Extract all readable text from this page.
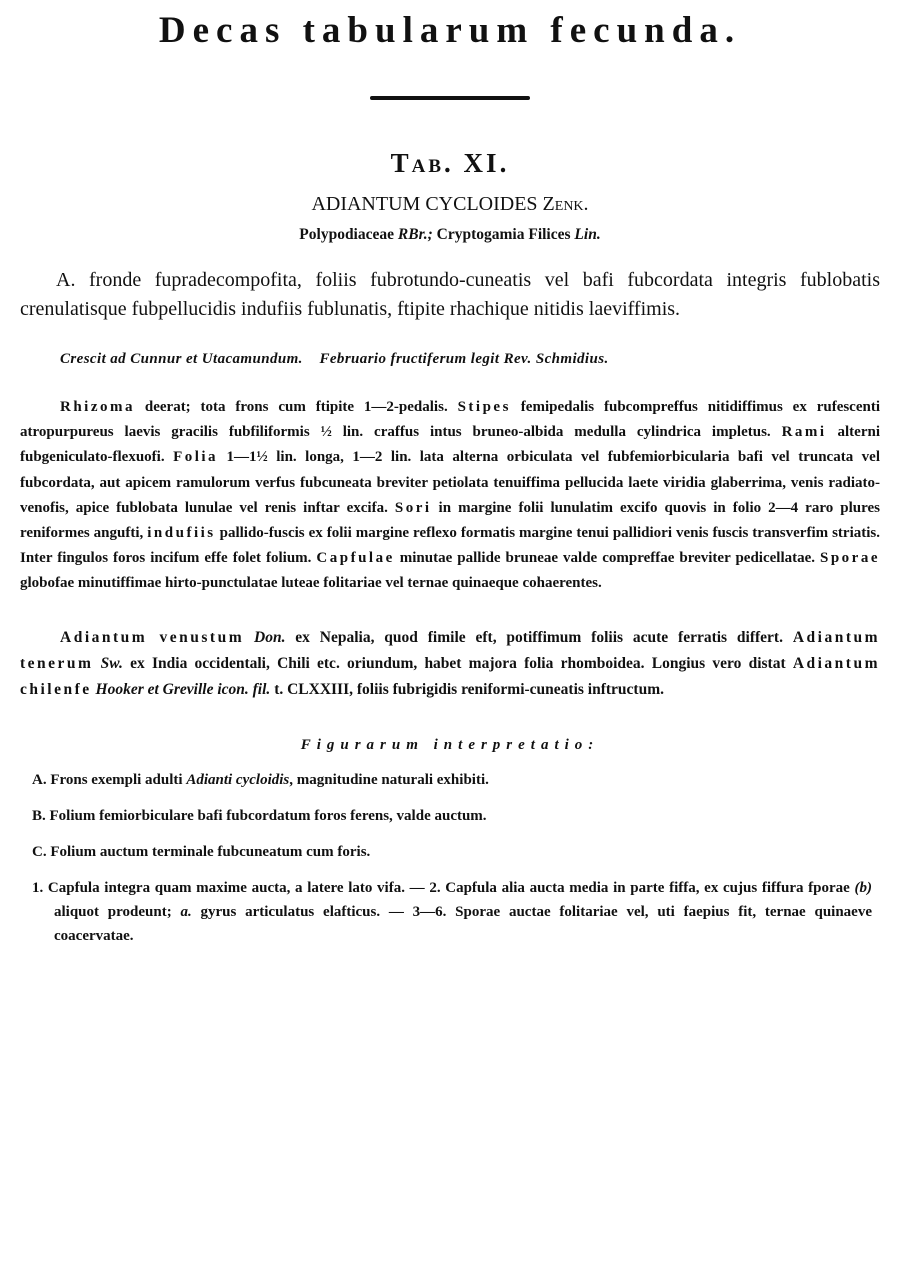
Decas tabularum fecunda.
Tab. XI.
ADIANTUM CYCLOIDES Zenk.
Polypodiaceae RBr.; Cryptogamia Filices Lin.

A. fronde fupradecompofita, foliis fubrotundo-cuneatis vel bafi fubcordata integris fublobatis crenulatisque fubpellucidis indufiis fublunatis, ftipite rhachique nitidis laeviffimis.

Crescit ad Cunnur et Utacamundum. Februario fructiferum legit Rev. Schmidius.

Rhizoma deerat; tota frons cum ftipite 1—2-pedalis. Stipes femipedalis fubcompreffus nitidiffimus ex rufescenti atropurpureus laevis gracilis fubfiliformis ½ lin. craffus intus bruneo-albida medulla cylindrica impletus. Rami alterni fubgeniculato-flexuofi. Folia 1—1½ lin. longa, 1—2 lin. lata alterna orbiculata vel fubfemiorbicularia bafi vel truncata vel fubcordata, aut apicem ramulorum verfus fubcuneata breviter petiolata tenuiffima pellucida laete viridia glaberrima, venis radiato-venofis, apice fublobata lunulae vel renis inftar excifa. Sori in margine folii lunulatim excifo quovis in folio 2—4 raro plures reniformes angufti, indufiis pallido-fuscis ex folii margine reflexo formatis margine tenui pallidiori venis fuscis transverfim striatis. Inter fingulos foros incifum effe folet folium. Capfulae minutae pallide bruneae valde compreffae breviter pedicellatae. Sporae globofae minutiffimae hirto-punctulatae luteae folitariae vel ternae quinaeque cohaerentes.

Adiantum venustum Don. ex Nepalia, quod fimile eft, potiffimum foliis acute ferratis differt. Adiantum tenerum Sw. ex India occidentali, Chili etc. oriundum, habet majora folia rhomboidea. Longius vero distat Adiantum chilenfe Hooker et Greville icon. fil. t. CLXXIII, foliis fubrigidis reniformi-cuneatis inftructum.

Figurarum interpretatio:
A. Frons exempli adulti Adianti cycloidis, magnitudine naturali exhibiti.
B. Folium femiorbiculare bafi fubcordatum foros ferens, valde auctum.
C. Folium auctum terminale fubcuneatum cum foris.
1. Capfula integra quam maxime aucta, a latere lato vifa. — 2. Capfula alia aucta media in parte fiffa, ex cujus fiffura fporae (b) aliquot prodeunt; a. gyrus articulatus elafticus. — 3—6. Sporae auctae folitariae vel, uti faepius fit, ternae quinaeve coacervatae.
